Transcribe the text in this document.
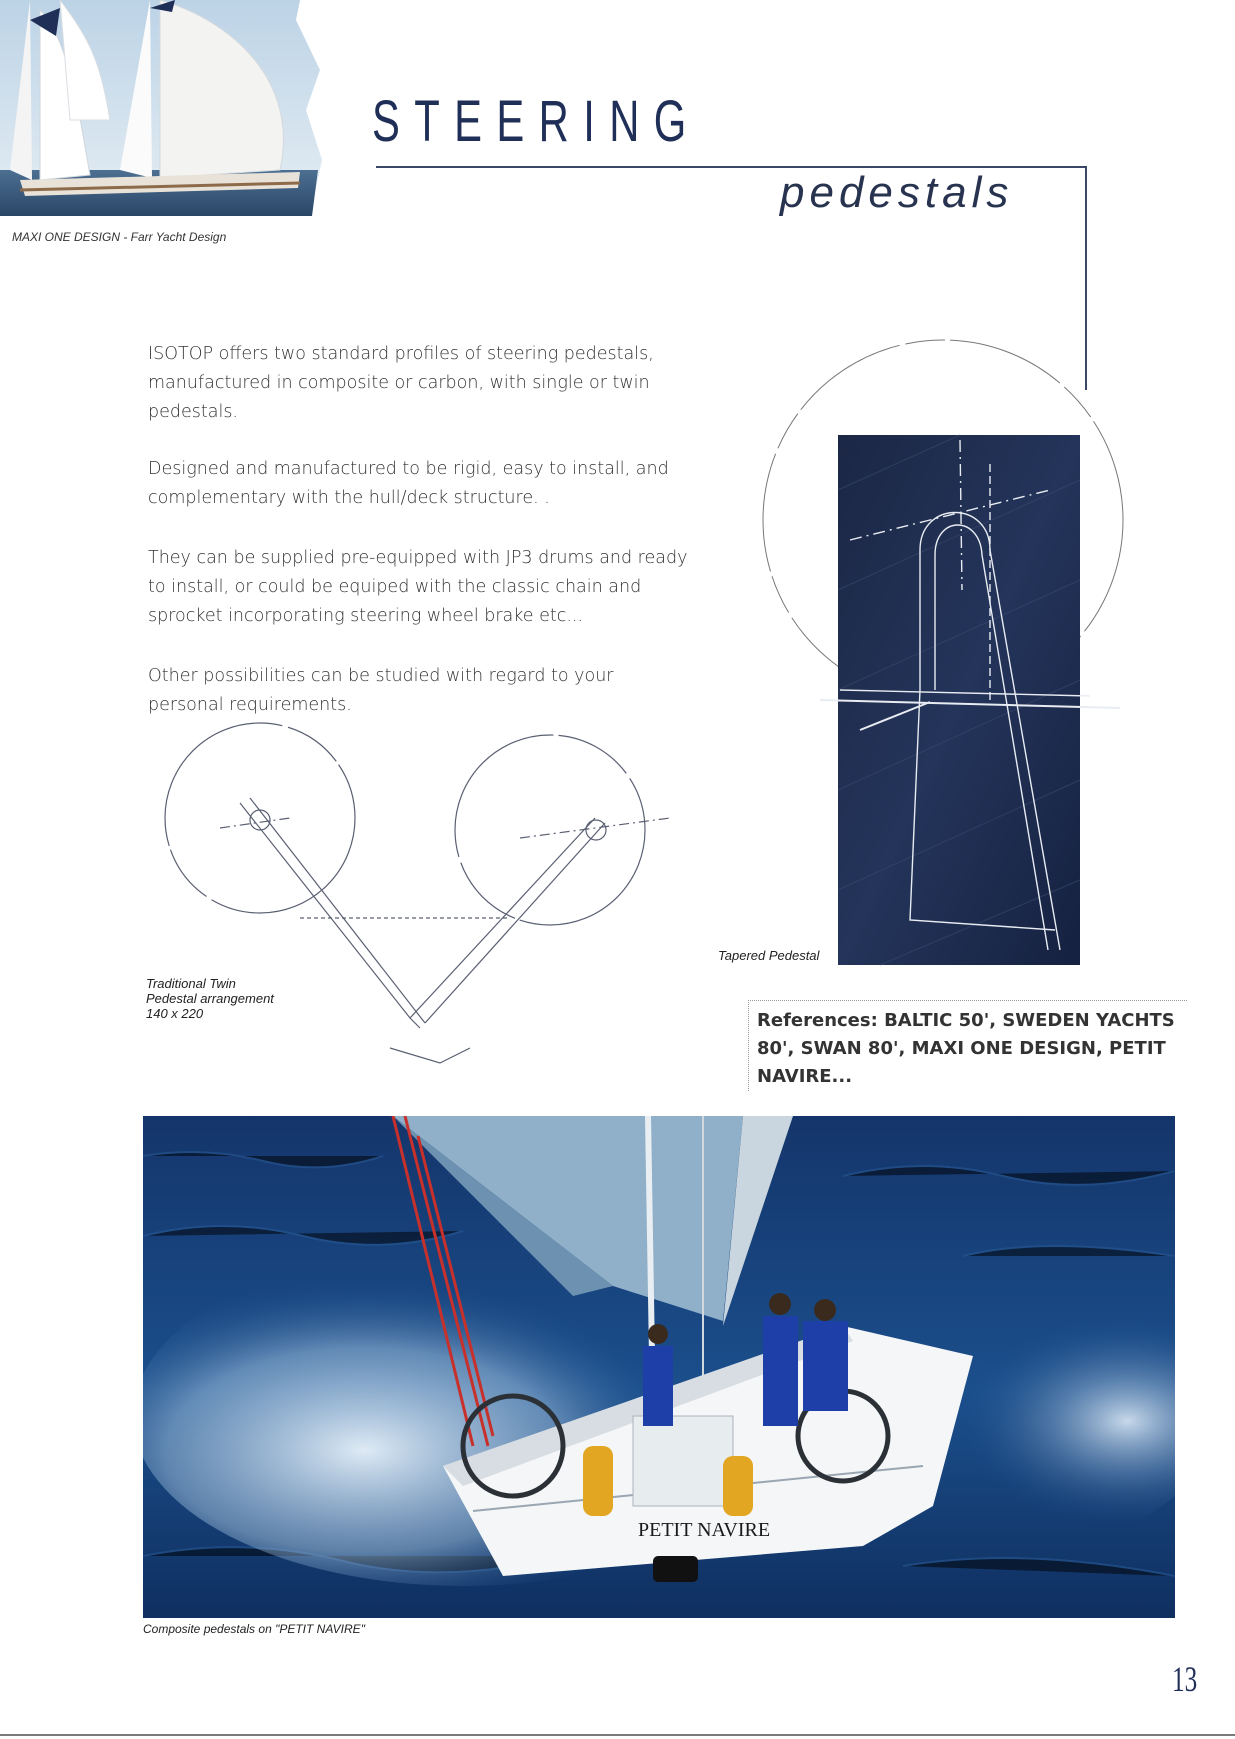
MAXI ONE DESIGN - Farr Yacht Design
STEERING
pedestals
ISOTOP offers two standard profiles of steering pedestals, manufactured in composite or carbon, with single or twin pedestals.
Designed and manufactured to be rigid, easy to install, and complementary with the hull/deck structure. .
They can be supplied pre-equipped with JP3 drums and ready to install, or could be equiped with the classic chain and sprocket incorporating steering wheel brake etc...
Other possibilities can be studied with regard to your personal requirements.
Traditional Twin
Pedestal arrangement
140 x 220
Tapered Pedestal
References: BALTIC 50', SWEDEN YACHTS 80', SWAN 80', MAXI ONE DESIGN, PETIT NAVIRE...
PETIT NAVIRE
Composite pedestals on "PETIT NAVIRE"
13
